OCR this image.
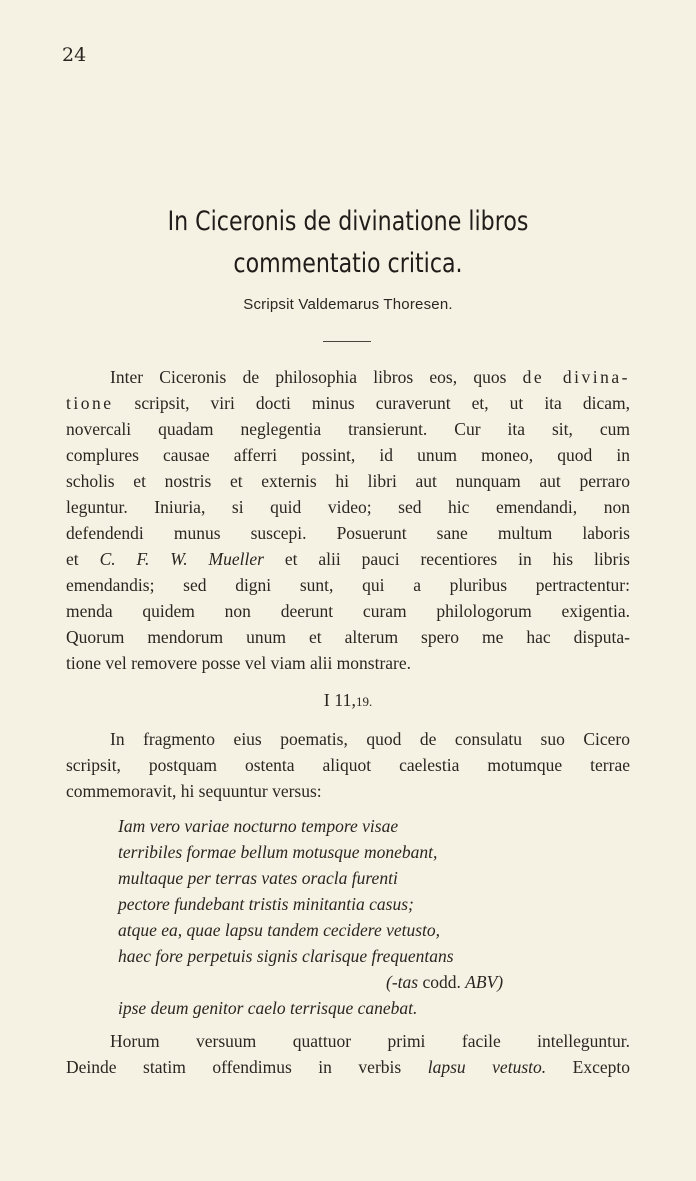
24
In Ciceronis de divinatione libros
commentatio critica.
Scripsit Valdemarus Thoresen.
Inter Ciceronis de philosophia libros eos, quos de divina-
tione scripsit, viri docti minus curaverunt et, ut ita dicam,
novercali quadam neglegentia transierunt. Cur ita sit, cum
complures causae afferri possint, id unum moneo, quod in
scholis et nostris et externis hi libri aut nunquam aut perraro
leguntur. Iniuria, si quid video; sed hic emendandi, non
defendendi munus suscepi. Posuerunt sane multum laboris
et C. F. W. Mueller et alii pauci recentiores in his libris
emendandis; sed digni sunt, qui a pluribus pertractentur:
menda quidem non deerunt curam philologorum exigentia.
Quorum mendorum unum et alterum spero me hac disputa-
tione vel removere posse vel viam alii monstrare.
I 11,19.
In fragmento eius poematis, quod de consulatu suo Cicero
scripsit, postquam ostenta aliquot caelestia motumque terrae
commemoravit, hi sequuntur versus:
Iam vero variae nocturno tempore visae
terribiles formae bellum motusque monebant,
multaque per terras vates oracla furenti
pectore fundebant tristis minitantia casus;
atque ea, quae lapsu tandem cecidere vetusto,
haec fore perpetuis signis clarisque frequentans
(-tas codd. ABV)
ipse deum genitor caelo terrisque canebat.
Horum versuum quattuor primi facile intelleguntur.
Deinde statim offendimus in verbis lapsu vetusto. Excepto
